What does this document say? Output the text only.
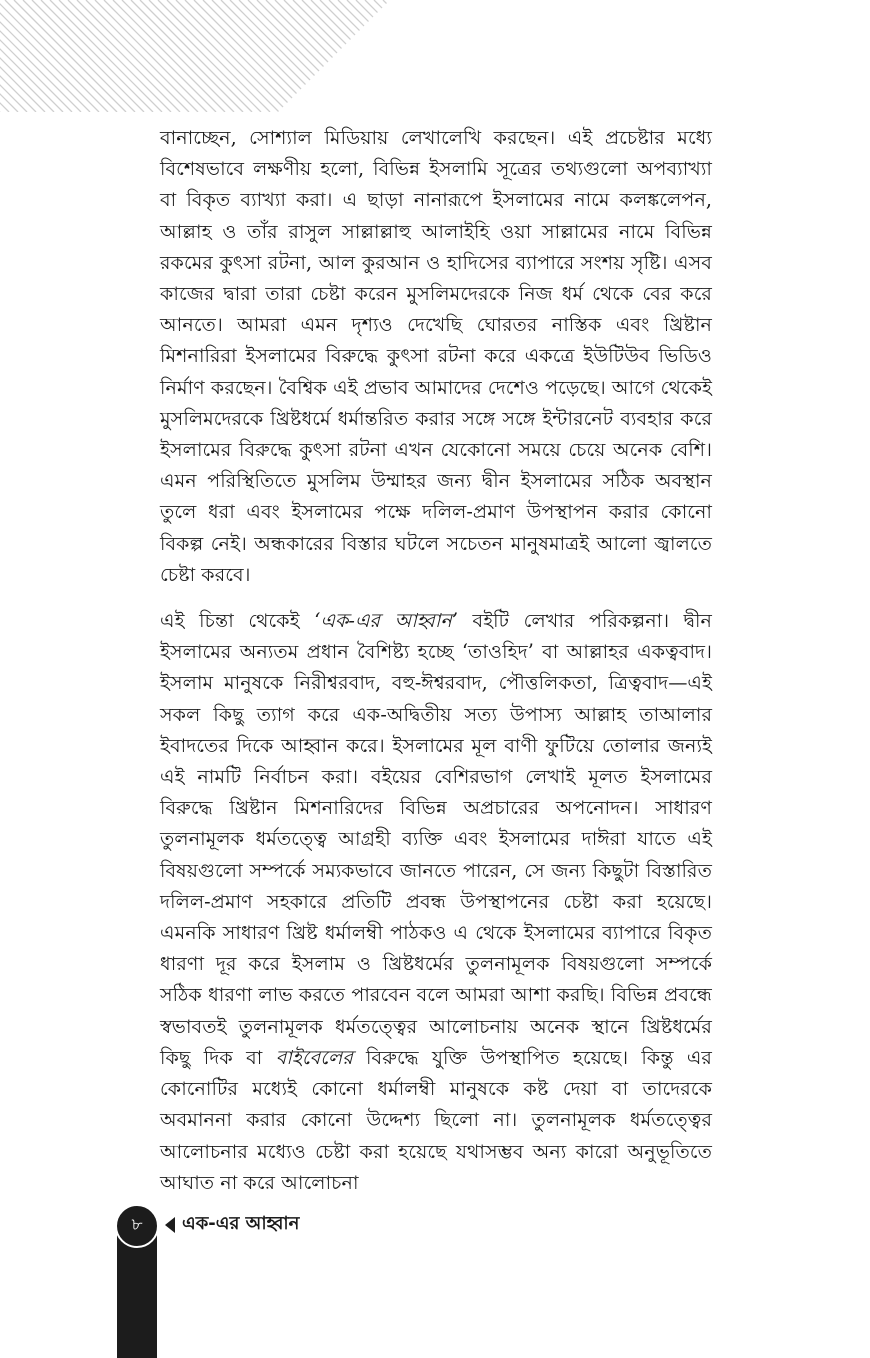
বানাচ্ছেন, সোশ্যাল মিডিয়ায় লেখালেখি করছেন। এই প্রচেষ্টার মধ্যে বিশেষভাবে লক্ষণীয় হলো, বিভিন্ন ইসলামি সূত্রের তথ্যগুলো অপব্যাখ্যা বা বিকৃত ব্যাখ্যা করা। এ ছাড়া নানারূপে ইসলামের নামে কলঙ্কলেপন, আল্লাহ ও তাঁর রাসুল সাল্লাল্লাহু আলাইহি ওয়া সাল্লামের নামে বিভিন্ন রকমের কুৎসা রটনা, আল কুরআন ও হাদিসের ব্যাপারে সংশয় সৃষ্টি। এসব কাজের দ্বারা তারা চেষ্টা করেন মুসলিমদেরকে নিজ ধর্ম থেকে বের করে আনতে। আমরা এমন দৃশ্যও দেখেছি ঘোরতর নাস্তিক এবং খ্রিষ্টান মিশনারিরা ইসলামের বিরুদ্ধে কুৎসা রটনা করে একত্রে ইউটিউব ভিডিও নির্মাণ করছেন। বৈশ্বিক এই প্রভাব আমাদের দেশেও পড়েছে। আগে থেকেই মুসলিমদেরকে খ্রিষ্টধর্মে ধর্মান্তরিত করার সঙ্গে সঙ্গে ইন্টারনেট ব্যবহার করে ইসলামের বিরুদ্ধে কুৎসা রটনা এখন যেকোনো সময়ে চেয়ে অনেক বেশি। এমন পরিস্থিতিতে মুসলিম উম্মাহর জন্য দ্বীন ইসলামের সঠিক অবস্থান তুলে ধরা এবং ইসলামের পক্ষে দলিল-প্রমাণ উপস্থাপন করার কোনো বিকল্প নেই। অন্ধকারের বিস্তার ঘটলে সচেতন মানুষমাত্রই আলো জ্বালতে চেষ্টা করবে।

এই চিন্তা থেকেই ‘এক-এর আহ্বান’ বইটি লেখার পরিকল্পনা। দ্বীন ইসলামের অন্যতম প্রধান বৈশিষ্ট্য হচ্ছে ‘তাওহিদ’ বা আল্লাহর একত্ববাদ। ইসলাম মানুষকে নিরীশ্বরবাদ, বহু-ঈশ্বরবাদ, পৌত্তলিকতা, ত্রিত্ববাদ—এই সকল কিছু ত্যাগ করে এক-অদ্বিতীয় সত্য উপাস্য আল্লাহ তাআলার ইবাদতের দিকে আহ্বান করে। ইসলামের মূল বাণী ফুটিয়ে তোলার জন্যই এই নামটি নির্বাচন করা। বইয়ের বেশিরভাগ লেখাই মূলত ইসলামের বিরুদ্ধে খ্রিষ্টান মিশনারিদের বিভিন্ন অপ্রচারের অপনোদন। সাধারণ তুলনামূলক ধর্মতত্ত্বে আগ্রহী ব্যক্তি এবং ইসলামের দাঈরা যাতে এই বিষয়গুলো সম্পর্কে সম্যকভাবে জানতে পারেন, সে জন্য কিছুটা বিস্তারিত দলিল-প্রমাণ সহকারে প্রতিটি প্রবন্ধ উপস্থাপনের চেষ্টা করা হয়েছে। এমনকি সাধারণ খ্রিষ্ট ধর্মালম্বী পাঠকও এ থেকে ইসলামের ব্যাপারে বিকৃত ধারণা দূর করে ইসলাম ও খ্রিষ্টধর্মের তুলনামূলক বিষয়গুলো সম্পর্কে সঠিক ধারণা লাভ করতে পারবেন বলে আমরা আশা করছি। বিভিন্ন প্রবন্ধে স্বভাবতই তুলনামূলক ধর্মতত্ত্বের আলোচনায় অনেক স্থানে খ্রিষ্টধর্মের কিছু দিক বা বাইবেলের বিরুদ্ধে যুক্তি উপস্থাপিত হয়েছে। কিন্তু এর কোনোটির মধ্যেই কোনো ধর্মালম্বী মানুষকে কষ্ট দেয়া বা তাদেরকে অবমাননা করার কোনো উদ্দেশ্য ছিলো না। তুলনামূলক ধর্মতত্ত্বের আলোচনার মধ্যেও চেষ্টা করা হয়েছে যথাসম্ভব অন্য কারো অনুভূতিতে আঘাত না করে আলোচনা

৮ এক-এর আহ্বান
